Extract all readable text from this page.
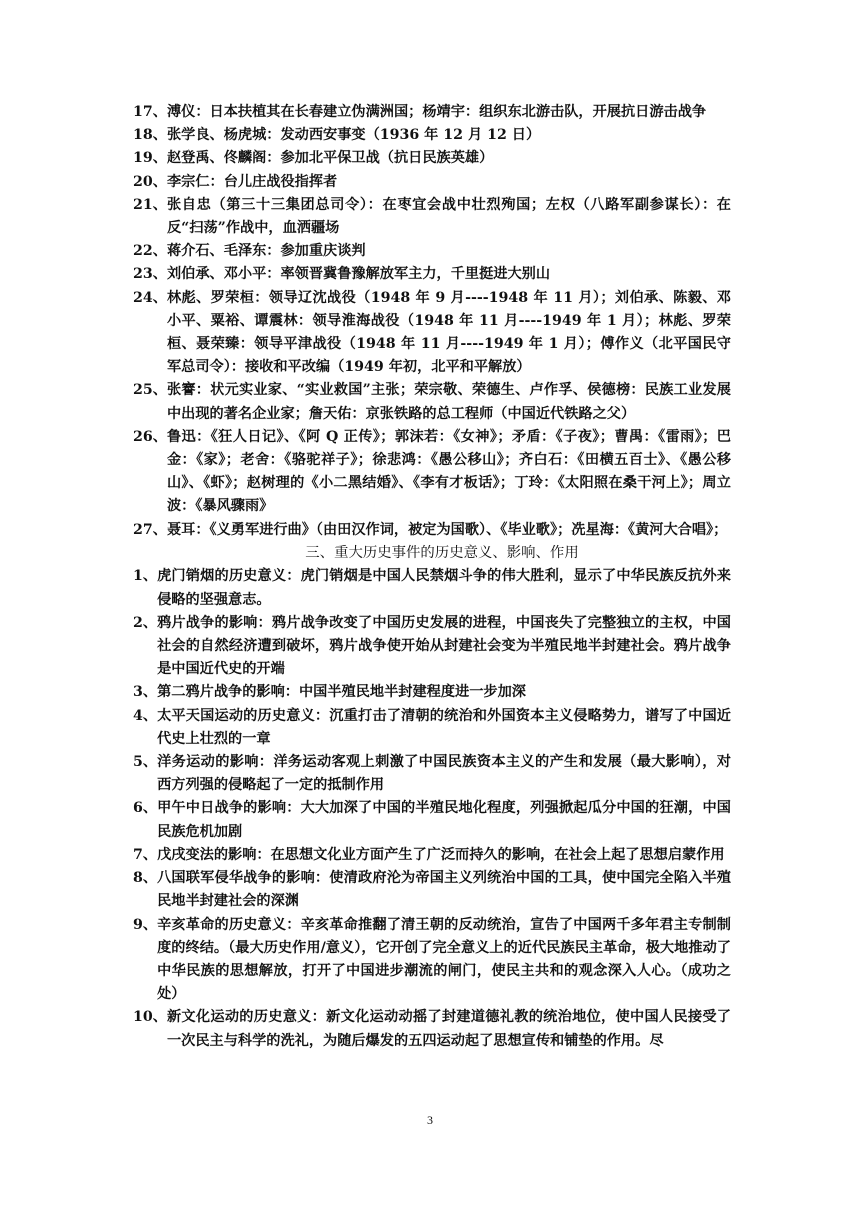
17、 溥仪：日本扶植其在长春建立伪满洲国；杨靖宇：组织东北游击队，开展抗日游击战争
18、 张学良、杨虎城：发动西安事变（1936 年 12 月 12 日）
19、 赵登禹、佟麟阁：参加北平保卫战（抗日民族英雄）
20、 李宗仁：台儿庄战役指挥者
21、 张自忠（第三十三集团总司令）：在枣宜会战中壮烈殉国；左权（八路军副参谋长）：在反“扫荡”作战中，血洒疆场
22、 蒋介石、毛泽东：参加重庆谈判
23、 刘伯承、邓小平：率领晋冀鲁豫解放军主力，千里挺进大别山
24、 林彪、罗荣桓：领导辽沈战役（1948 年 9 月----1948 年 11 月）；刘伯承、陈毅、邓小平、粟裕、谭震林：领导淮海战役（1948 年 11 月----1949 年 1 月）；林彪、罗荣桓、聂荣臻：领导平津战役（1948 年 11 月----1949 年 1 月）；傅作义（北平国民守军总司令）：接收和平改编（1949 年初，北平和平解放）
25、 张謇：状元实业家、“实业救国”主张；荣宗敬、荣德生、卢作孚、侯德榜：民族工业发展中出现的著名企业家；詹天佑：京张铁路的总工程师（中国近代铁路之父）
26、 鲁迅：《狂人日记》、《阿 Q 正传》；郭沫若：《女神》；矛盾：《子夜》；曹禺：《雷雨》；巴金：《家》；老舍：《骆驼祥子》；徐悲鸿：《愚公移山》；齐白石：《田横五百士》、《愚公移山》、《虾》；赵树理的《小二黑结婚》、《李有才板话》；丁玲：《太阳照在桑干河上》；周立波：《暴风骤雨》
27、 聂耳：《义勇军进行曲》（由田汉作词，被定为国歌）、《毕业歌》；冼星海：《黄河大合唱》；
三、重大历史事件的历史意义、影响、作用
1、 虎门销烟的历史意义：虎门销烟是中国人民禁烟斗争的伟大胜利，显示了中华民族反抗外来侵略的坚强意志。
2、 鸦片战争的影响：鸦片战争改变了中国历史发展的进程，中国丧失了完整独立的主权，中国社会的自然经济遭到破坏，鸦片战争使开始从封建社会变为半殖民地半封建社会。鸦片战争是中国近代史的开端
3、 第二鸦片战争的影响：中国半殖民地半封建程度进一步加深
4、 太平天国运动的历史意义：沉重打击了清朝的统治和外国资本主义侵略势力，谱写了中国近代史上壮烈的一章
5、 洋务运动的影响：洋务运动客观上刺激了中国民族资本主义的产生和发展（最大影响），对西方列强的侵略起了一定的抵制作用
6、 甲午中日战争的影响：大大加深了中国的半殖民地化程度，列强掀起瓜分中国的狂潮，中国民族危机加剧
7、 戊戌变法的影响：在思想文化业方面产生了广泛而持久的影响，在社会上起了思想启蒙作用
8、 八国联军侵华战争的影响：使清政府沦为帝国主义列统治中国的工具，使中国完全陷入半殖民地半封建社会的深渊
9、 辛亥革命的历史意义：辛亥革命推翻了清王朝的反动统治，宣告了中国两千多年君主专制制度的终结。（最大历史作用/意义），它开创了完全意义上的近代民族民主革命，极大地推动了中华民族的思想解放，打开了中国进步潮流的闸门，使民主共和的观念深入人心。（成功之处）
10、 新文化运动的历史意义：新文化运动动摇了封建道德礼教的统治地位，使中国人民接受了一次民主与科学的洗礼，为随后爆发的五四运动起了思想宣传和铺垫的作用。尽
3
